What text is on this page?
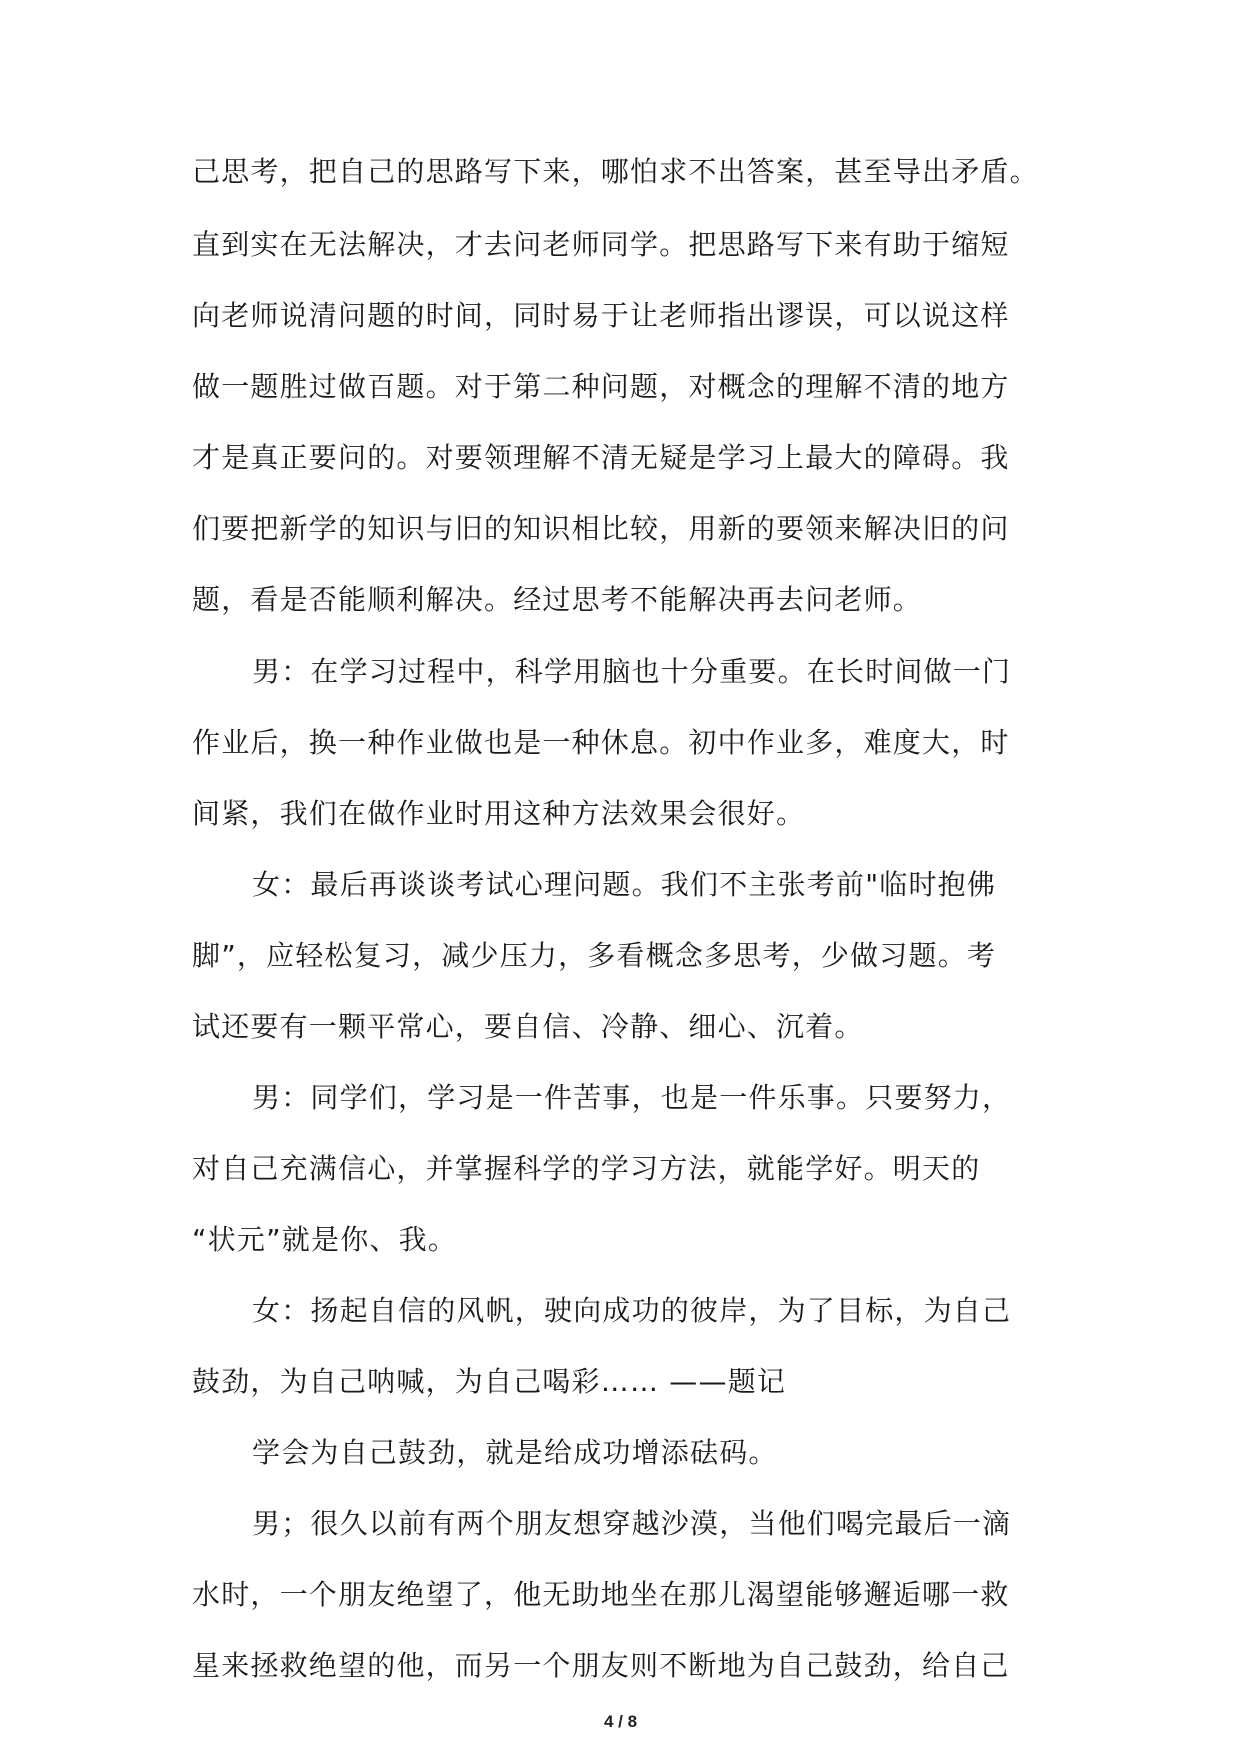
己思考，把自己的思路写下来，哪怕求不出答案，甚至导出矛盾。
直到实在无法解决，才去问老师同学。把思路写下来有助于缩短
向老师说清问题的时间，同时易于让老师指出谬误，可以说这样
做一题胜过做百题。对于第二种问题，对概念的理解不清的地方
才是真正要问的。对要领理解不清无疑是学习上最大的障碍。我
们要把新学的知识与旧的知识相比较，用新的要领来解决旧的问
题，看是否能顺利解决。经过思考不能解决再去问老师。
男：在学习过程中，科学用脑也十分重要。在长时间做一门
作业后，换一种作业做也是一种休息。初中作业多，难度大，时
间紧，我们在做作业时用这种方法效果会很好。
女：最后再谈谈考试心理问题。我们不主张考前"临时抱佛
脚”，应轻松复习，减少压力，多看概念多思考，少做习题。考
试还要有一颗平常心，要自信、冷静、细心、沉着。
男：同学们，学习是一件苦事，也是一件乐事。只要努力，
对自己充满信心，并掌握科学的学习方法，就能学好。明天的
“状元”就是你、我。
女：扬起自信的风帆，驶向成功的彼岸，为了目标，为自己
鼓劲，为自己呐喊，为自己喝彩…… ——题记
学会为自己鼓劲，就是给成功增添砝码。
男；很久以前有两个朋友想穿越沙漠，当他们喝完最后一滴
水时，一个朋友绝望了，他无助地坐在那儿渴望能够邂逅哪一救
星来拯救绝望的他，而另一个朋友则不断地为自己鼓劲，给自己
4 / 8
